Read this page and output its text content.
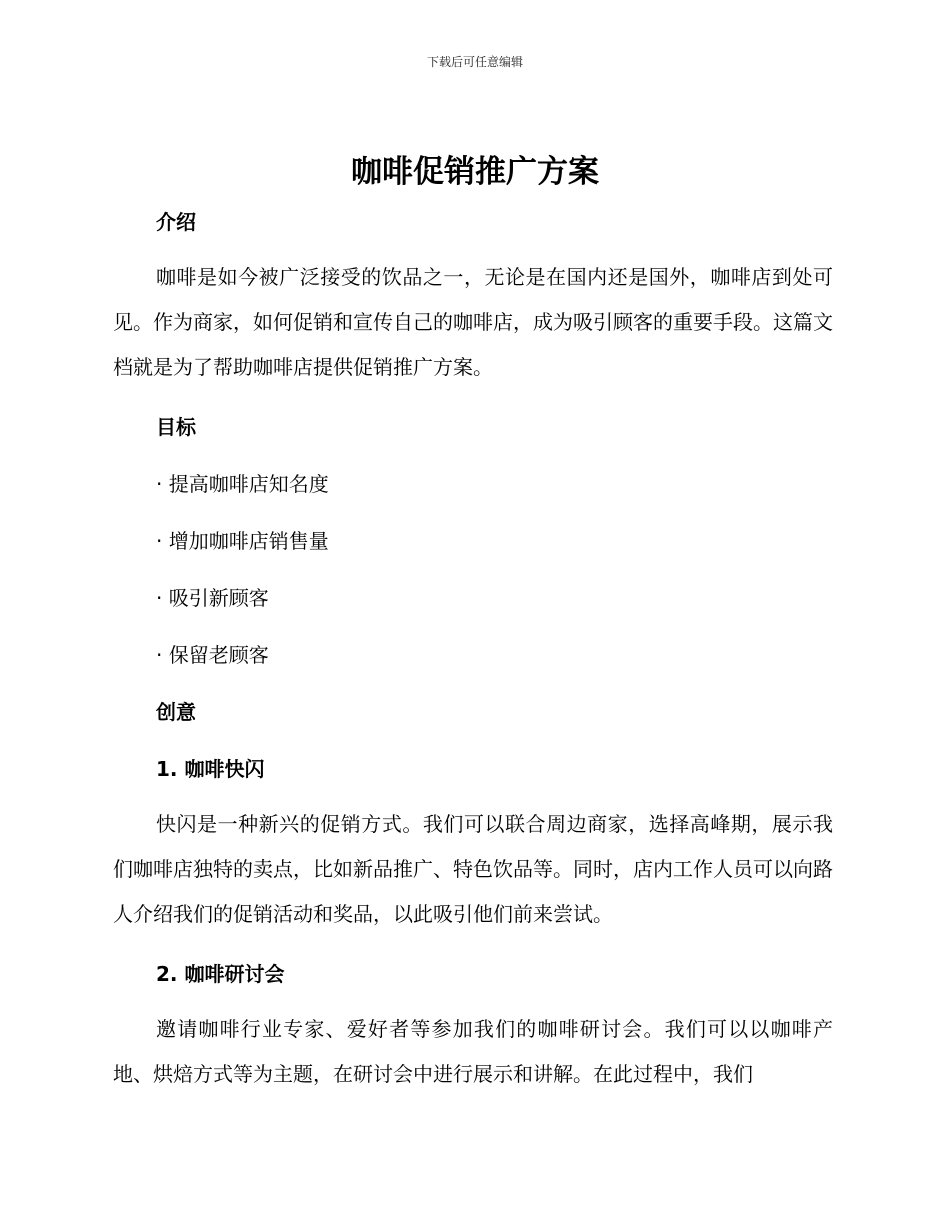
下载后可任意编辑
咖啡促销推广方案
介绍

咖啡是如今被广泛接受的饮品之一，无论是在国内还是国外，咖啡店到处可见。作为商家，如何促销和宣传自己的咖啡店，成为吸引顾客的重要手段。这篇文档就是为了帮助咖啡店提供促销推广方案。

目标

· 提高咖啡店知名度

· 增加咖啡店销售量

· 吸引新顾客

· 保留老顾客

创意
1. 咖啡快闪

快闪是一种新兴的促销方式。我们可以联合周边商家，选择高峰期，展示我们咖啡店独特的卖点，比如新品推广、特色饮品等。同时，店内工作人员可以向路人介绍我们的促销活动和奖品，以此吸引他们前来尝试。

2. 咖啡研讨会

邀请咖啡行业专家、爱好者等参加我们的咖啡研讨会。我们可以以咖啡产地、烘焙方式等为主题，在研讨会中进行展示和讲解。在此过程中，我们
